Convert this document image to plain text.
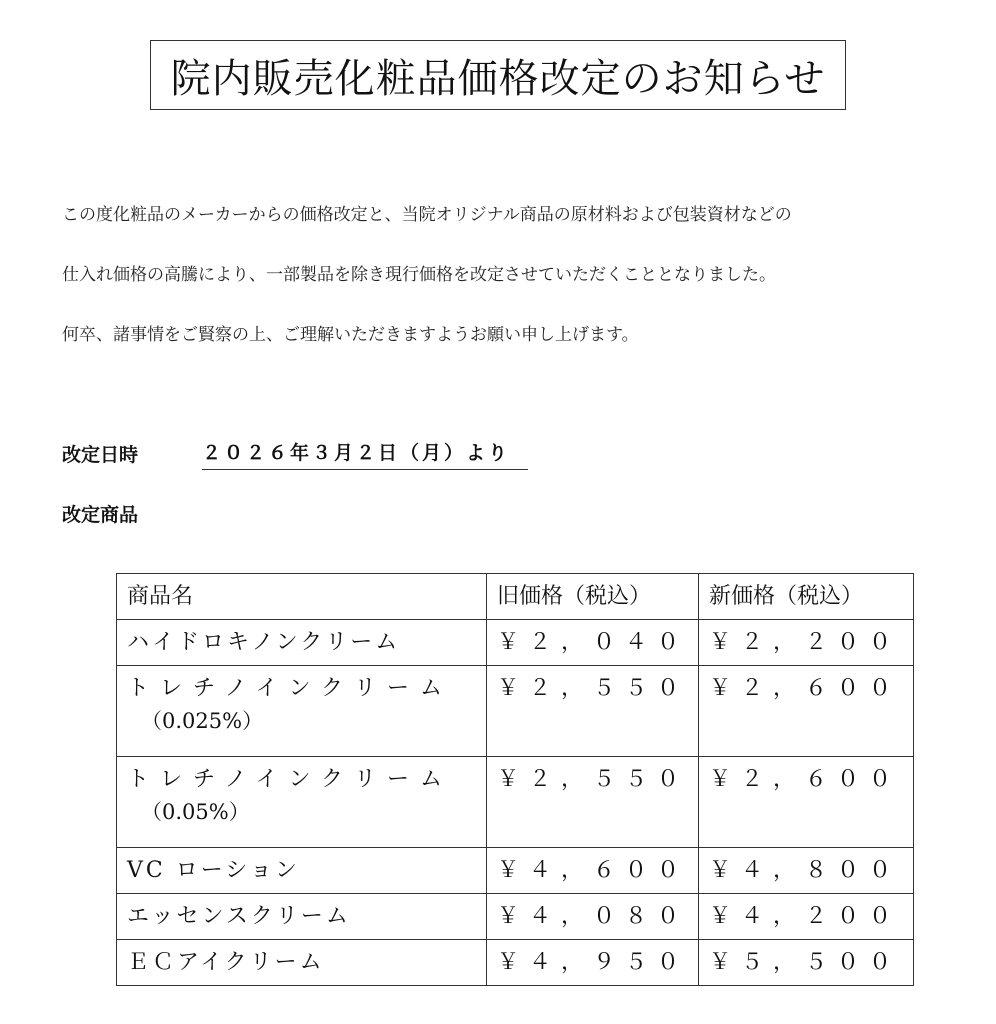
院内販売化粧品価格改定のお知らせ
この度化粧品のメーカーからの価格改定と、当院オリジナル商品の原材料および包装資材などの
仕入れ価格の高騰により、一部製品を除き現行価格を改定させていただくこととなりました。
何卒、諸事情をご賢察の上、ご理解いただきますようお願い申し上げます。
改定日時	２０２６年３月２日（月）より
改定商品
商品名	旧価格（税込）	新価格（税込）
ハイドロキノンクリーム	￥２，０４０	￥２，２００

トレチノインクリーム
（0.025%）	￥２，５５０	￥２，６００

トレチノインクリーム
（0.05%）	￥２，５５０	￥２，６００
VC ローション	￥４，６００	￥４，８００
エッセンスクリーム	￥４，０８０	￥４，２００
ＥＣアイクリーム	￥４，９５０	￥５，５００
